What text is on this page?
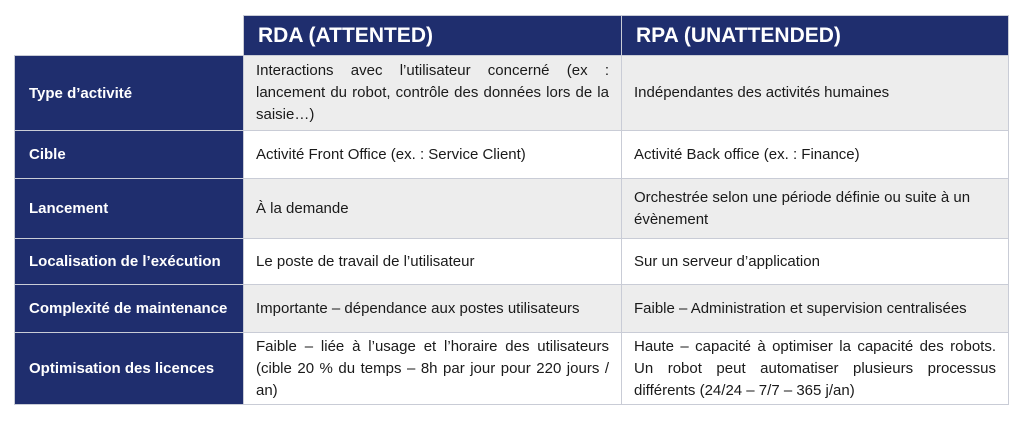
	RDA (ATTENTED)	RPA (UNATTENDED)
Type d’activité	Interactions avec l’utilisateur concerné (ex : lancement du robot, contrôle des données lors de la saisie…)	Indépendantes des activités humaines
Cible	Activité Front Office (ex. : Service Client)	Activité Back office (ex. : Finance)
Lancement	À la demande	Orchestrée selon une période définie ou suite à un évènement
Localisation de l’exécution	Le poste de travail de l’utilisateur	Sur un serveur d’application
Complexité de maintenance	Importante – dépendance aux postes utilisateurs	Faible – Administration et supervision centralisées
Optimisation des licences	Faible – liée à l’usage et l’horaire des utilisateurs (cible 20 % du temps – 8h par jour pour 220 jours / an)	Haute – capacité à optimiser la capacité des robots. Un robot peut automatiser plusieurs processus différents (24/24 – 7/7 – 365 j/an)
